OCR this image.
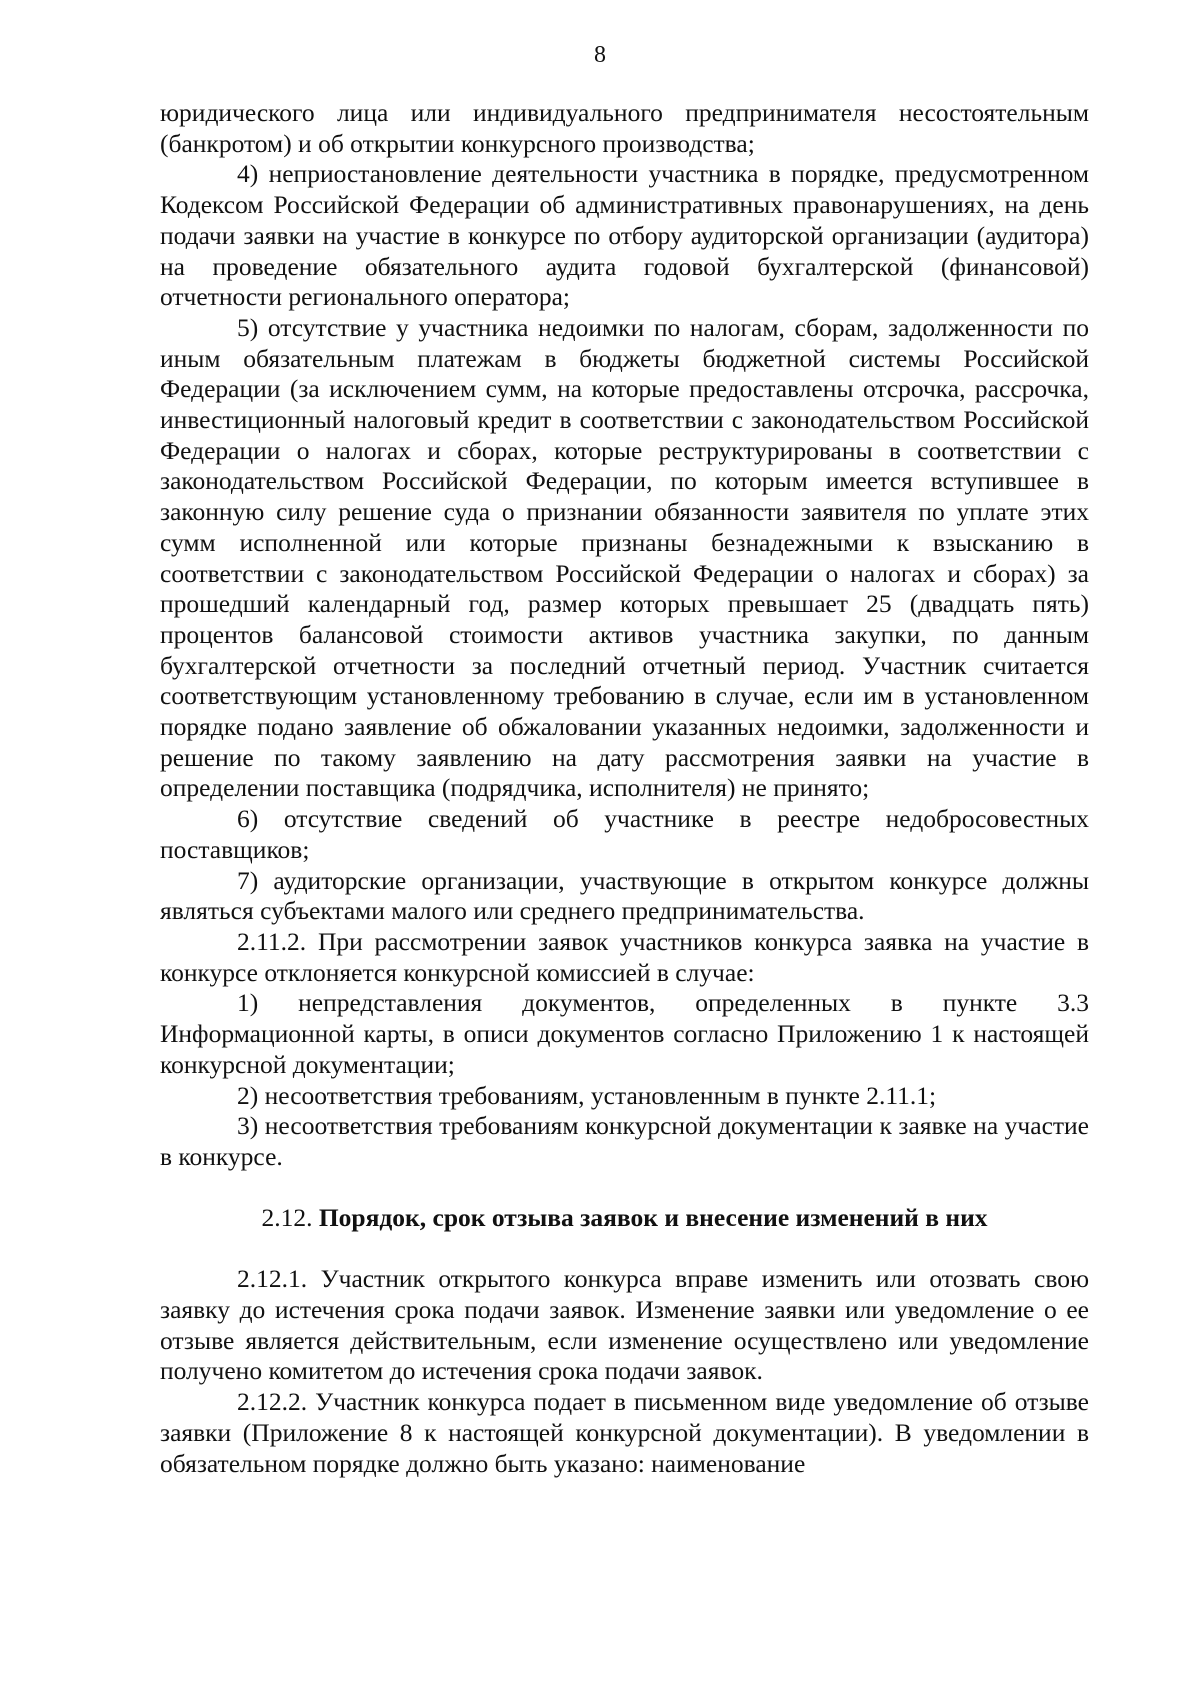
8

юридического лица или индивидуального предпринимателя несостоятельным (банкротом) и об открытии конкурсного производства;

4) неприостановление деятельности участника в порядке, предусмотренном Кодексом Российской Федерации об административных правонарушениях, на день подачи заявки на участие в конкурсе по отбору аудиторской организации (аудитора) на проведение обязательного аудита годовой бухгалтерской (финансовой) отчетности регионального оператора;

5) отсутствие у участника недоимки по налогам, сборам, задолженности по иным обязательным платежам в бюджеты бюджетной системы Российской Федерации (за исключением сумм, на которые предоставлены отсрочка, рассрочка, инвестиционный налоговый кредит в соответствии с законодательством Российской Федерации о налогах и сборах, которые реструктурированы в соответствии с законодательством Российской Федерации, по которым имеется вступившее в законную силу решение суда о признании обязанности заявителя по уплате этих сумм исполненной или которые признаны безнадежными к взысканию в соответствии с законодательством Российской Федерации о налогах и сборах) за прошедший календарный год, размер которых превышает 25 (двадцать пять) процентов балансовой стоимости активов участника закупки, по данным бухгалтерской отчетности за последний отчетный период. Участник считается соответствующим установленному требованию в случае, если им в установленном порядке подано заявление об обжаловании указанных недоимки, задолженности и решение по такому заявлению на дату рассмотрения заявки на участие в определении поставщика (подрядчика, исполнителя) не принято;

6) отсутствие сведений об участнике в реестре недобросовестных поставщиков;

7) аудиторские организации, участвующие в открытом конкурсе должны являться субъектами малого или среднего предпринимательства.

2.11.2. При рассмотрении заявок участников конкурса заявка на участие в конкурсе отклоняется конкурсной комиссией в случае:

1) непредставления документов, определенных в пункте 3.3 Информационной карты, в описи документов согласно Приложению 1 к настоящей конкурсной документации;

2) несоответствия требованиям, установленным в пункте 2.11.1;

3) несоответствия требованиям конкурсной документации к заявке на участие в конкурсе.

2.12. Порядок, срок отзыва заявок и внесение изменений в них

2.12.1. Участник открытого конкурса вправе изменить или отозвать свою заявку до истечения срока подачи заявок. Изменение заявки или уведомление о ее отзыве является действительным, если изменение осуществлено или уведомление получено комитетом до истечения срока подачи заявок.

2.12.2. Участник конкурса подает в письменном виде уведомление об отзыве заявки (Приложение 8 к настоящей конкурсной документации). В уведомлении в обязательном порядке должно быть указано: наименование
